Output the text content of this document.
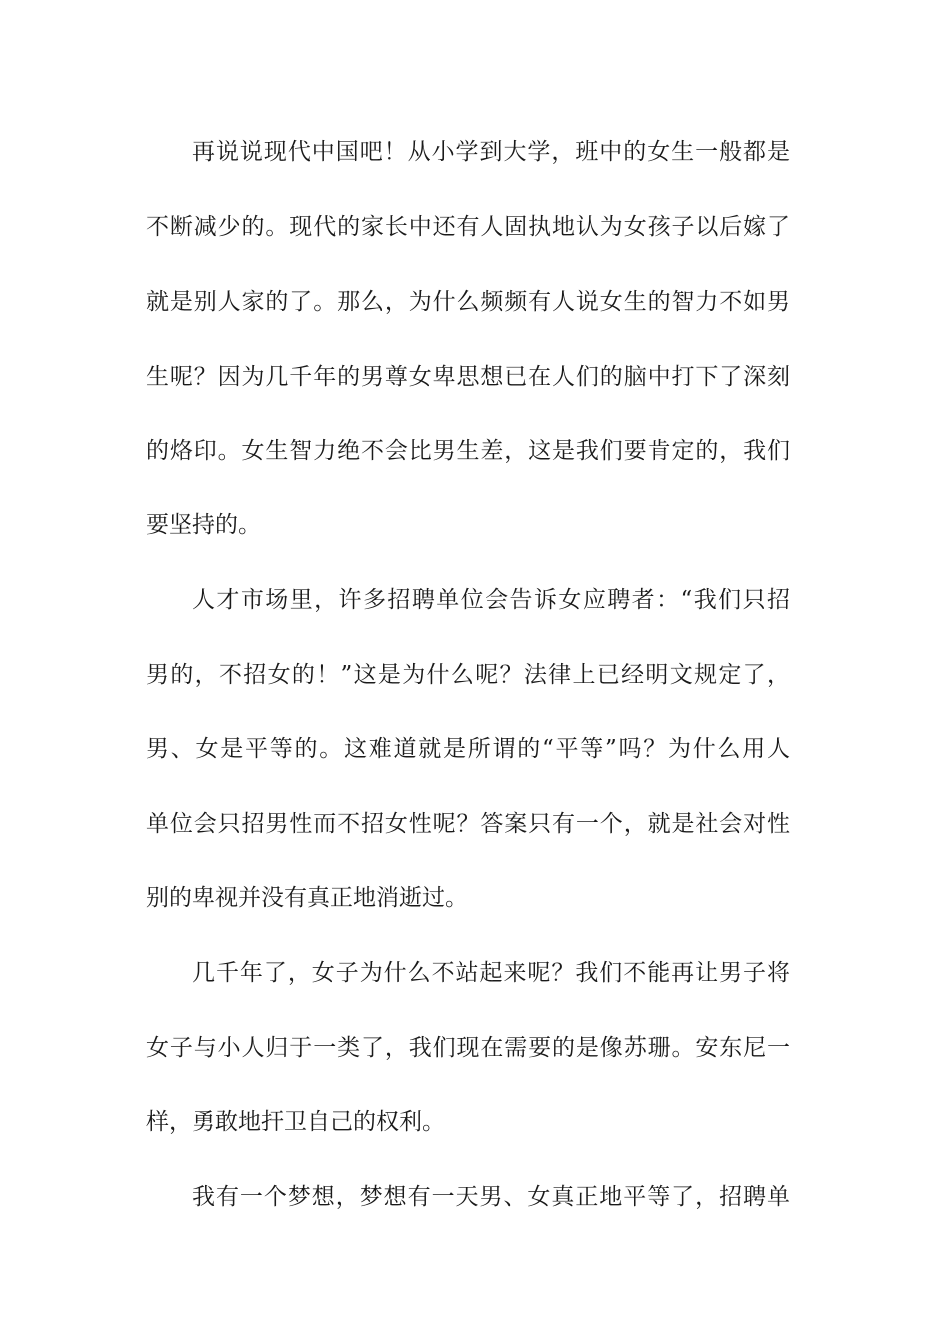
再说说现代中国吧！从小学到大学，班中的女生一般都是
不断减少的。现代的家长中还有人固执地认为女孩子以后嫁了
就是别人家的了。那么，为什么频频有人说女生的智力不如男
生呢？因为几千年的男尊女卑思想已在人们的脑中打下了深刻
的烙印。女生智力绝不会比男生差，这是我们要肯定的，我们
要坚持的。
人才市场里，许多招聘单位会告诉女应聘者：“我们只招
男的，不招女的！”这是为什么呢？法律上已经明文规定了，
男、女是平等的。这难道就是所谓的“平等”吗？为什么用人
单位会只招男性而不招女性呢？答案只有一个，就是社会对性
别的卑视并没有真正地消逝过。
几千年了，女子为什么不站起来呢？我们不能再让男子将
女子与小人归于一类了，我们现在需要的是像苏珊。安东尼一
样，勇敢地扞卫自己的权利。
我有一个梦想，梦想有一天男、女真正地平等了，招聘单
